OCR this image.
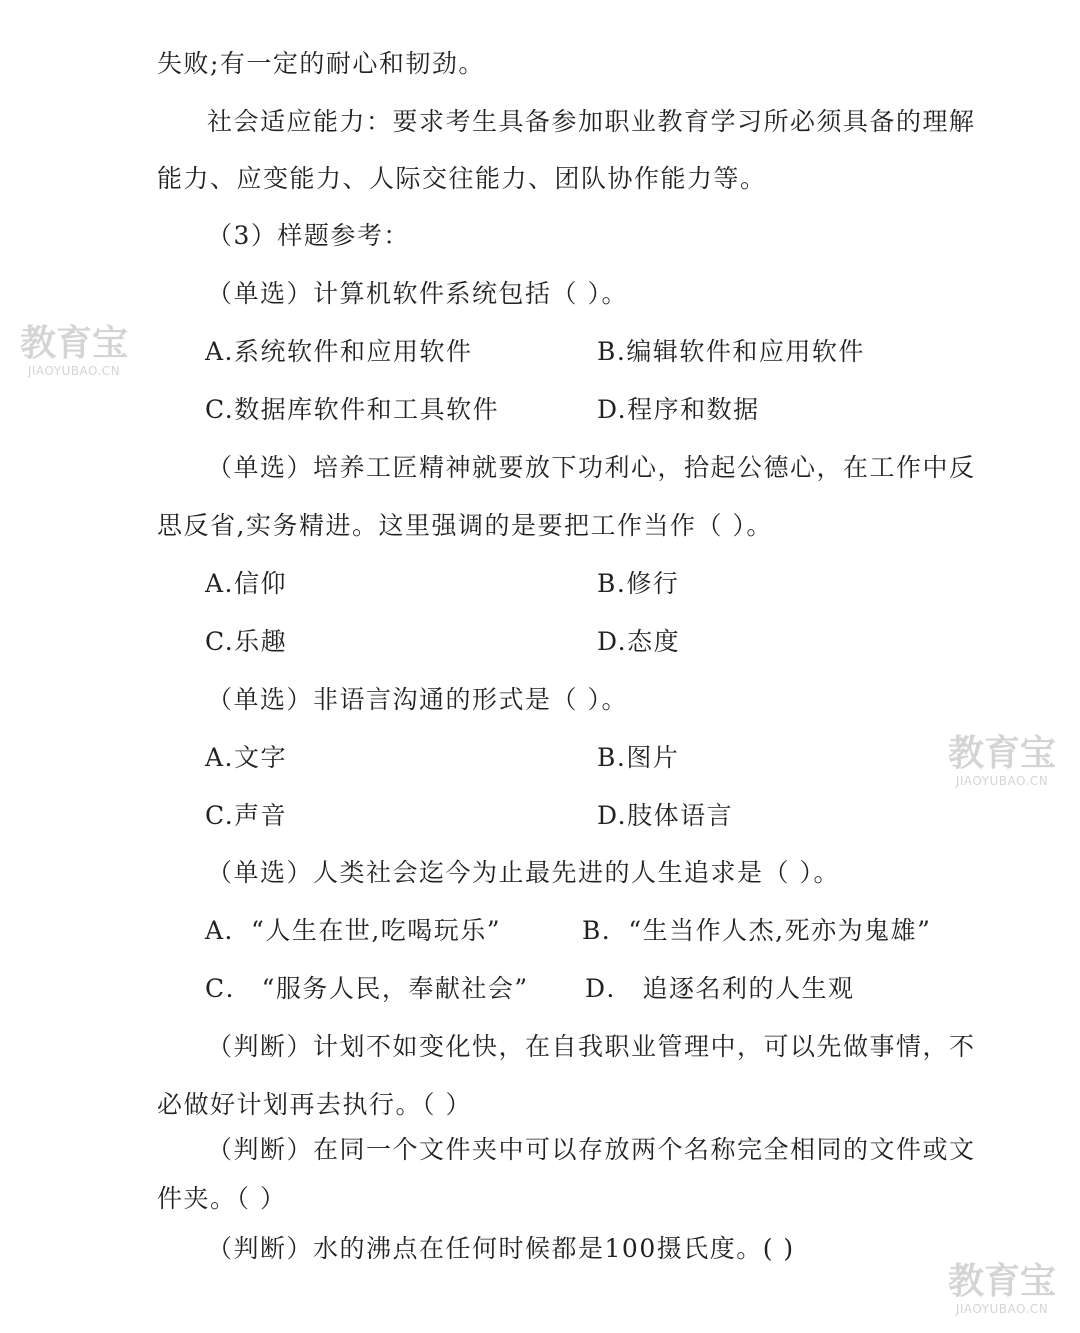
失败;有一定的耐心和韧劲。
社会适应能力：要求考生具备参加职业教育学习所必须具备的理解
能力、应变能力、人际交往能力、团队协作能力等。
（3）样题参考：
（单选）计算机软件系统包括（ ）。
A.系统软件和应用软件	B.编辑软件和应用软件
C.数据库软件和工具软件	D.程序和数据
（单选）培养工匠精神就要放下功利心，拾起公德心，在工作中反
思反省,实务精进。这里强调的是要把工作当作（ ）。
A.信仰	B.修行
C.乐趣	D.态度
（单选）非语言沟通的形式是（ ）。
A.文字	B.图片
C.声音	D.肢体语言
（单选）人类社会迄今为止最先进的人生追求是（ ）。
A．“人生在世,吃喝玩乐”	B．“生当作人杰,死亦为鬼雄”
C． “服务人民，奉献社会” D． 追逐名利的人生观
（判断）计划不如变化快，在自我职业管理中，可以先做事情，不
必做好计划再去执行。（ ）
（判断）在同一个文件夹中可以存放两个名称完全相同的文件或文
件夹。（ ）
（判断）水的沸点在任何时候都是100摄氏度。( )
教育宝
JIAOYUBAO.CN
教育宝
JIAOYUBAO.CN
教育宝
JIAOYUBAO.CN
